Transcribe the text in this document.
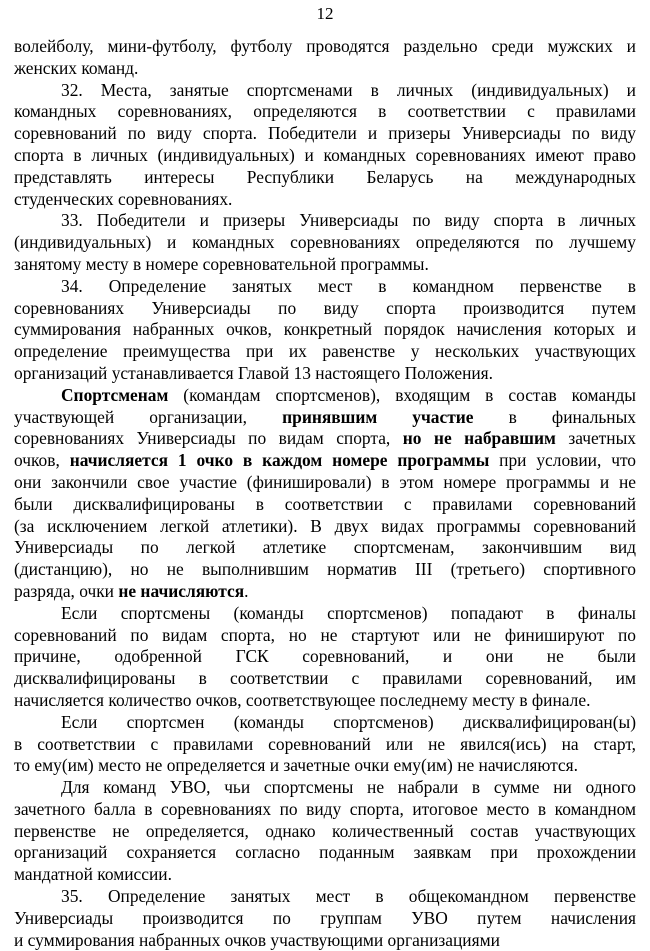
12

волейболу, мини-футболу, футболу проводятся раздельно среди мужских и

женских команд.

32. Места, занятые спортсменами в личных (индивидуальных) и

командных соревнованиях, определяются в соответствии с правилами

соревнований по виду спорта. Победители и призеры Универсиады по виду

спорта в личных (индивидуальных) и командных соревнованиях имеют право

представлять интересы Республики Беларусь на международных

студенческих соревнованиях.

33. Победители и призеры Универсиады по виду спорта в личных

(индивидуальных) и командных соревнованиях определяются по лучшему

занятому месту в номере соревновательной программы.

34. Определение занятых мест в командном первенстве в

соревнованиях Универсиады по виду спорта производится путем

суммирования набранных очков, конкретный порядок начисления которых и

определение преимущества при их равенстве у нескольких участвующих

организаций устанавливается Главой 13 настоящего Положения.

Спортсменам (командам спортсменов), входящим в состав команды

участвующей организации, принявшим участие в финальных

соревнованиях Универсиады по видам спорта, но не набравшим зачетных

очков, начисляется 1 очко в каждом номере программы при условии, что

они закончили свое участие (финишировали) в этом номере программы и не

были дисквалифицированы в соответствии с правилами соревнований

(за исключением легкой атлетики). В двух видах программы соревнований

Универсиады по легкой атлетике спортсменам, закончившим вид

(дистанцию), но не выполнившим норматив III (третьего) спортивного

разряда, очки не начисляются.

Если спортсмены (команды спортсменов) попадают в финалы

соревнований по видам спорта, но не стартуют или не финишируют по

причине, одобренной ГСК соревнований, и они не были

дисквалифицированы в соответствии с правилами соревнований, им

начисляется количество очков, соответствующее последнему месту в финале.

Если спортсмен (команды спортсменов) дисквалифицирован(ы)

в соответствии с правилами соревнований или не явился(ись) на старт,

то ему(им) место не определяется и зачетные очки ему(им) не начисляются.

Для команд УВО, чьи спортсмены не набрали в сумме ни одного

зачетного балла в соревнованиях по виду спорта, итоговое место в командном

первенстве не определяется, однако количественный состав участвующих

организаций сохраняется согласно поданным заявкам при прохождении

мандатной комиссии.

35. Определение занятых мест в общекомандном первенстве

Универсиады производится по группам УВО путем начисления

и суммирования набранных очков участвующими организациями
